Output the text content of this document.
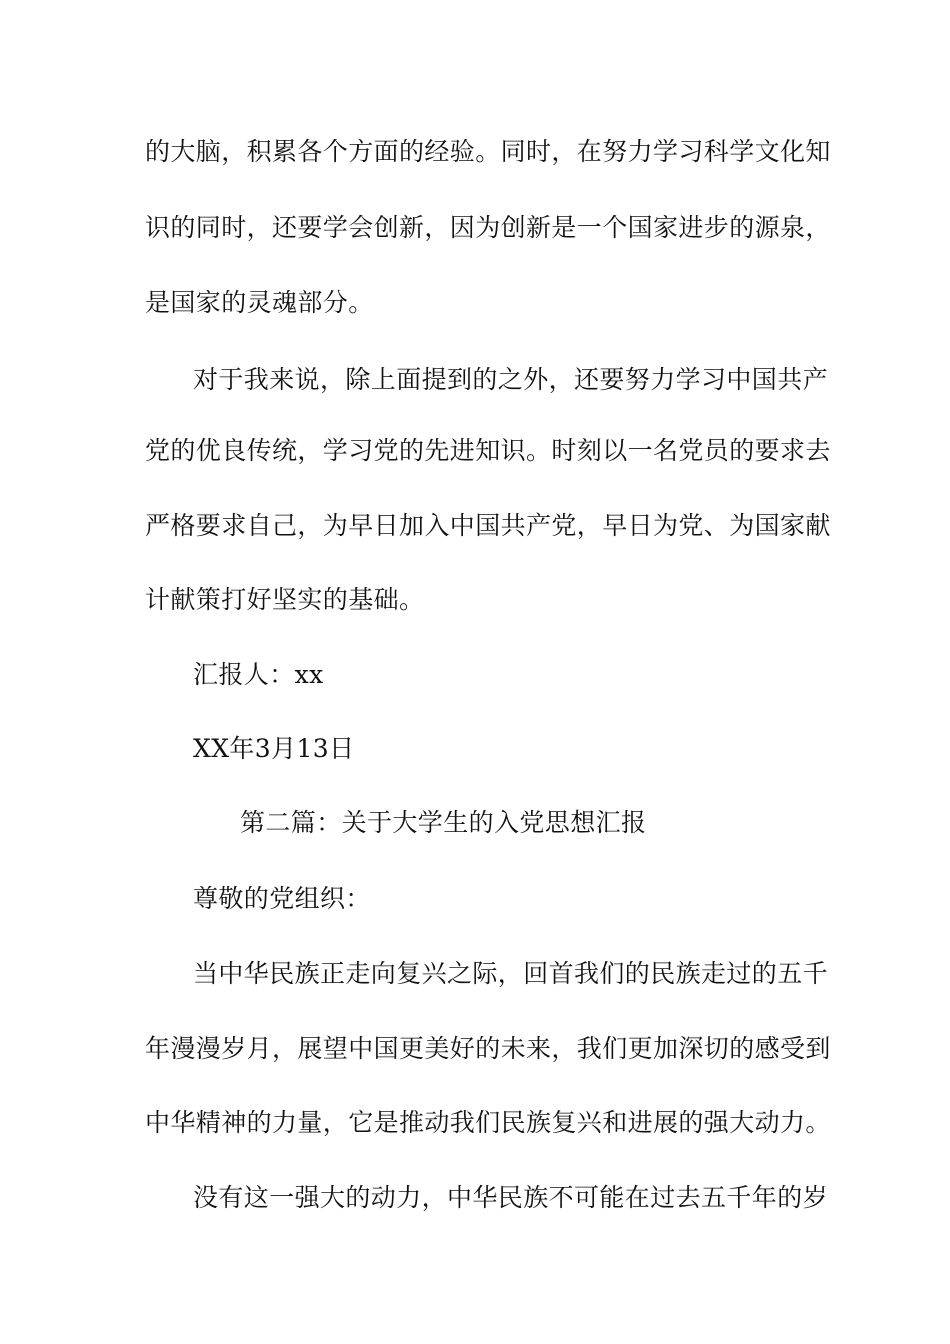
的大脑，积累各个方面的经验。同时，在努力学习科学文化知
识的同时，还要学会创新，因为创新是一个国家进步的源泉，
是国家的灵魂部分。
对于我来说，除上面提到的之外，还要努力学习中国共产
党的优良传统，学习党的先进知识。时刻以一名党员的要求去
严格要求自己，为早日加入中国共产党，早日为党、为国家献
计献策打好坚实的基础。
汇报人：xx
XX年3月13日
第二篇：关于大学生的入党思想汇报
尊敬的党组织：
当中华民族正走向复兴之际，回首我们的民族走过的五千
年漫漫岁月，展望中国更美好的未来，我们更加深切的感受到
中华精神的力量，它是推动我们民族复兴和进展的强大动力。
没有这一强大的动力，中华民族不可能在过去五千年的岁
